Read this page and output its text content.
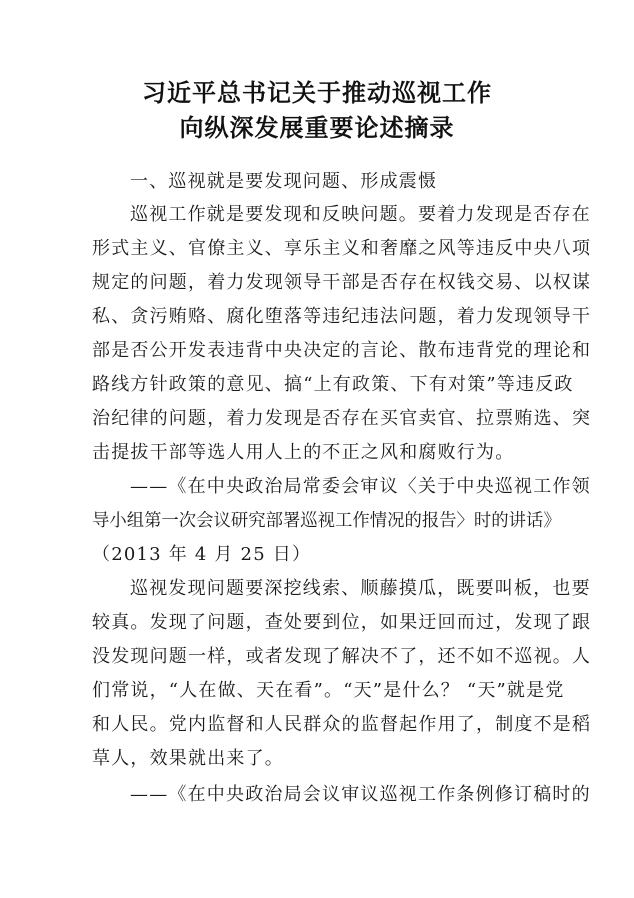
习近平总书记关于推动巡视工作
向纵深发展重要论述摘录
一、巡视就是要发现问题、形成震慑
巡视工作就是要发现和反映问题。要着力发现是否存在
形式主义、官僚主义、享乐主义和奢靡之风等违反中央八项
规定的问题，着力发现领导干部是否存在权钱交易、以权谋
私、贪污贿赂、腐化堕落等违纪违法问题，着力发现领导干
部是否公开发表违背中央决定的言论、散布违背党的理论和
路线方针政策的意见、搞“上有政策、下有对策”等违反政
治纪律的问题，着力发现是否存在买官卖官、拉票贿选、突
击提拔干部等选人用人上的不正之风和腐败行为。
——《在中央政治局常委会审议〈关于中央巡视工作领
导小组第一次会议研究部署巡视工作情况的报告〉时的讲话》
（2013 年 4 月 25 日）
巡视发现问题要深挖线索、顺藤摸瓜，既要叫板，也要
较真。发现了问题，查处要到位，如果迂回而过，发现了跟
没发现问题一样，或者发现了解决不了，还不如不巡视。人
们常说，“人在做、天在看”。“天”是什么？ “天”就是党
和人民。党内监督和人民群众的监督起作用了，制度不是稻
草人，效果就出来了。
——《在中央政治局会议审议巡视工作条例修订稿时的
